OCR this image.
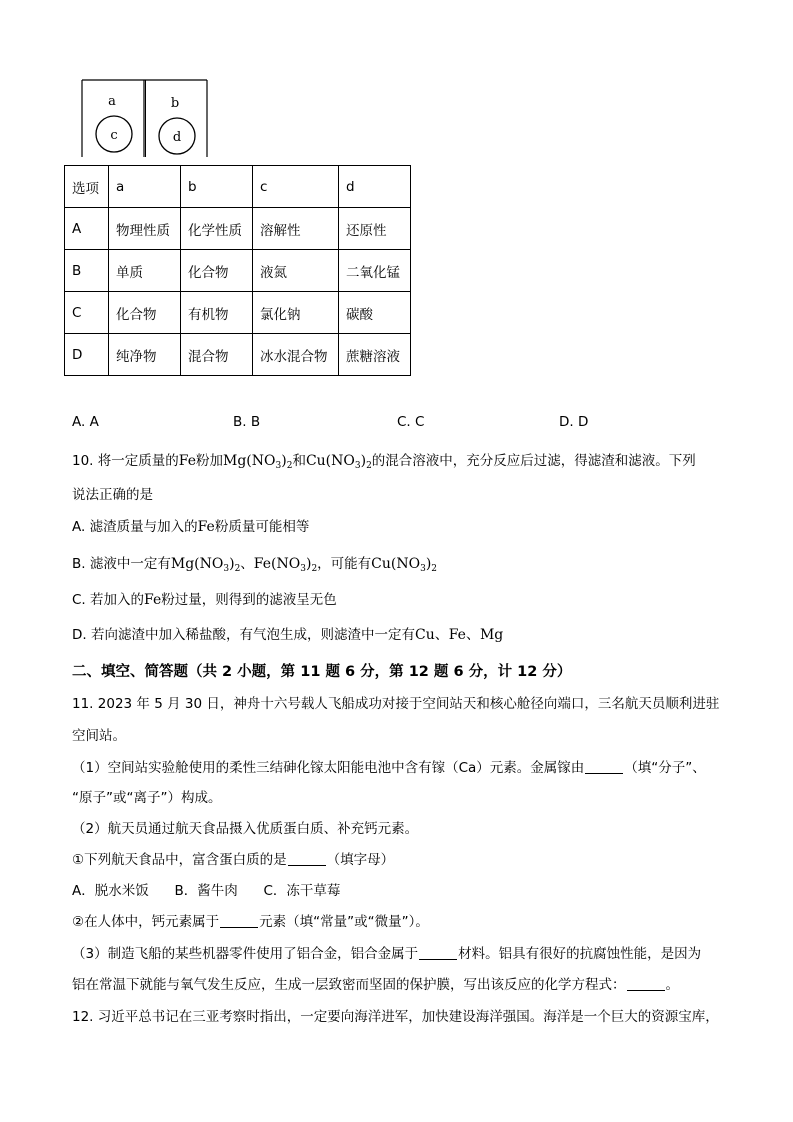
a
c
b
d
选项	a	b	c	d
A	物理性质	化学性质	溶解性	还原性
B	单质	化合物	液氮	二氧化锰
C	化合物	有机物	氯化钠	碳酸
D	纯净物	混合物	冰水混合物	蔗糖溶液
A. A	B. B	C. C	D. D
10. 将一定质量的Fe粉加$Mg(NO_3)_2$和$Cu(NO_3)_2$的混合溶液中，充分反应后过滤，得滤渣和滤液。下列
说法正确的是
A. 滤渣质量与加入的Fe粉质量可能相等
B. 滤液中一定有$Mg(NO_3)_2$、$Fe(NO_3)_2$，可能有$Cu(NO_3)_2$
C. 若加入的Fe粉过量，则得到的滤液呈无色
D. 若向滤渣中加入稀盐酸，有气泡生成，则滤渣中一定有Cu、Fe、Mg
二、填空、简答题（共 2 小题，第 11 题 6 分，第 12 题 6 分，计 12 分）
11. 2023 年 5 月 30 日，神舟十六号载人飞船成功对接于空间站天和核心舱径向端口，三名航天员顺利进驻
空间站。
（1）空间站实验舱使用的柔性三结砷化镓太阳能电池中含有镓（Ca）元素。金属镓由	（填“分子”、
“原子”或“离子”）构成。
（2）航天员通过航天食品摄入优质蛋白质、补充钙元素。
①下列航天食品中，富含蛋白质的是	（填字母）
A．脱水米饭      B．酱牛肉      C．冻干草莓
②在人体中，钙元素属于	元素（填“常量”或“微量”）。
（3）制造飞船的某些机器零件使用了铝合金，铝合金属于	材料。铝具有很好的抗腐蚀性能，是因为
铝在常温下就能与氧气发生反应，生成一层致密而坚固的保护膜，写出该反应的化学方程式：	。
12. 习近平总书记在三亚考察时指出，一定要向海洋进军，加快建设海洋强国。海洋是一个巨大的资源宝库，
